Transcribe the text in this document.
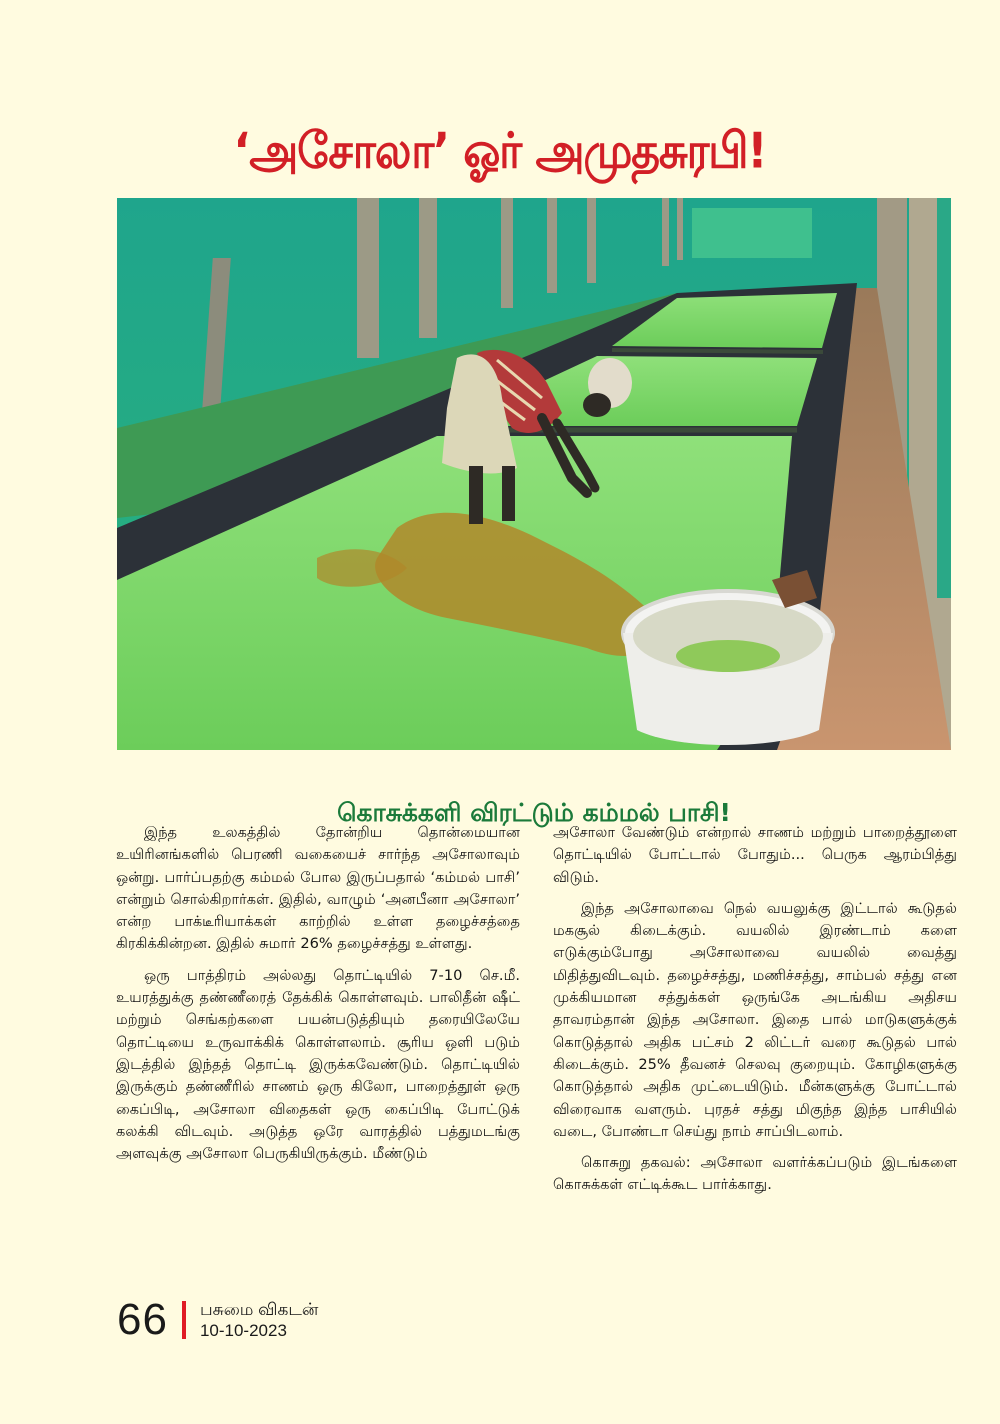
‘அசோலா’ ஓர் அமுதசுரபி!
கொசுக்களி விரட்டும் கம்மல் பாசி!

இந்த உலகத்தில் தோன்றிய தொன்மையான உயிரினங்களில் பெரணி வகையைச் சார்ந்த அசோலாவும் ஒன்று. பார்ப்பதற்கு கம்மல் போல இருப்பதால் ‘கம்மல் பாசி’ என்றும் சொல்கிறார்கள். இதில், வாழும் ‘அனபீனா அசோலா’ என்ற பாக்டீரியாக்கள் காற்றில் உள்ள தழைச்சத்தை கிரகிக்கின்றன. இதில் சுமார் 26% தழைச்சத்து உள்ளது.

ஒரு பாத்திரம் அல்லது தொட்டியில் 7-10 செ.மீ. உயரத்துக்கு தண்ணீரைத் தேக்கிக் கொள்ளவும். பாலிதீன் ஷீட் மற்றும் செங்கற்களை பயன்படுத்தியும் தரையிலேயே தொட்டியை உருவாக்கிக் கொள்ளலாம். சூரிய ஒளி படும் இடத்தில் இந்தத் தொட்டி இருக்கவேண்டும். தொட்டியில் இருக்கும் தண்ணீரில் சாணம் ஒரு கிலோ, பாறைத்தூள் ஒரு கைப்பிடி, அசோலா விதைகள் ஒரு கைப்பிடி போட்டுக் கலக்கி விடவும். அடுத்த ஒரே வாரத்தில் பத்துமடங்கு அளவுக்கு அசோலா பெருகியிருக்கும். மீண்டும்

அசோலா வேண்டும் என்றால் சாணம் மற்றும் பாறைத்தூளை தொட்டியில் போட்டால் போதும்... பெருக ஆரம்பித்து விடும்.

இந்த அசோலாவை நெல் வயலுக்கு இட்டால் கூடுதல் மகசூல் கிடைக்கும். வயலில் இரண்டாம் களை எடுக்கும்போது அசோலாவை வயலில் வைத்து மிதித்துவிடவும். தழைச்சத்து, மணிச்சத்து, சாம்பல் சத்து என முக்கியமான சத்துக்கள் ஒருங்கே அடங்கிய அதிசய தாவரம்தான் இந்த அசோலா. இதை பால் மாடுகளுக்குக் கொடுத்தால் அதிக பட்சம் 2 லிட்டர் வரை கூடுதல் பால் கிடைக்கும். 25% தீவனச் செலவு குறையும். கோழிகளுக்கு கொடுத்தால் அதிக முட்டையிடும். மீன்களுக்கு போட்டால் விரைவாக வளரும். புரதச் சத்து மிகுந்த இந்த பாசியில் வடை, போண்டா செய்து நாம் சாப்பிடலாம்.

கொசுறு தகவல்: அசோலா வளர்க்கப்படும் இடங்களை கொசுக்கள் எட்டிக்கூட பார்க்காது.

66 பசுமை விகடன்
10-10-2023
